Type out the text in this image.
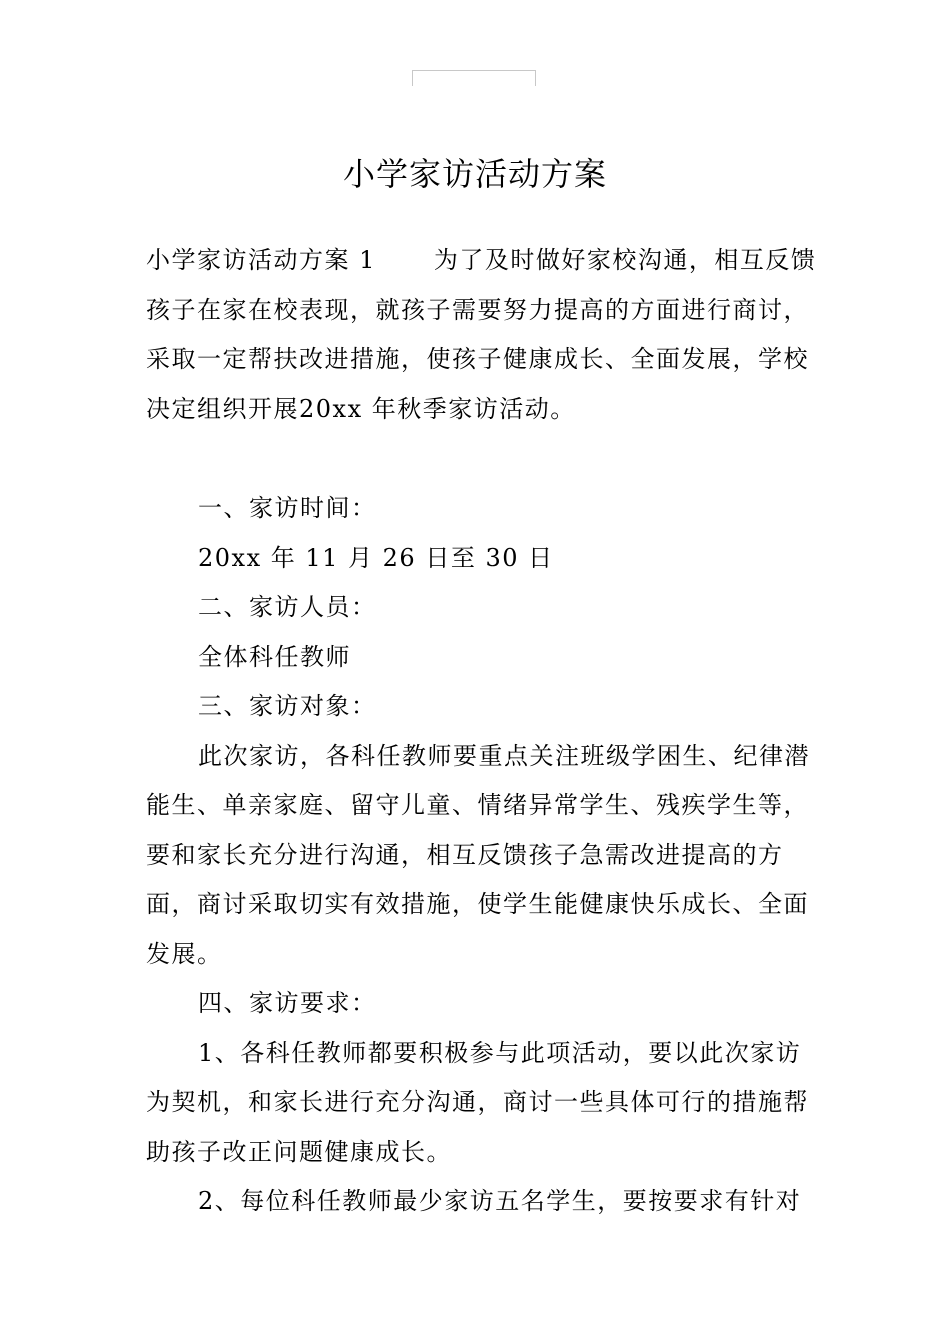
小学家访活动方案

小学家访活动方案 1 为了及时做好家校沟通，相互反馈孩子在家在校表现，就孩子需要努力提高的方面进行商讨，采取一定帮扶改进措施，使孩子健康成长、全面发展，学校决定组织开展20xx 年秋季家访活动。

一、家访时间：

20xx 年 11 月 26 日至 30 日

二、家访人员：

全体科任教师

三、家访对象：

此次家访，各科任教师要重点关注班级学困生、纪律潜能生、单亲家庭、留守儿童、情绪异常学生、残疾学生等，要和家长充分进行沟通，相互反馈孩子急需改进提高的方面，商讨采取切实有效措施，使学生能健康快乐成长、全面发展。

四、家访要求：

1、各科任教师都要积极参与此项活动，要以此次家访为契机，和家长进行充分沟通，商讨一些具体可行的措施帮助孩子改正问题健康成长。

2、每位科任教师最少家访五名学生，要按要求有针对
